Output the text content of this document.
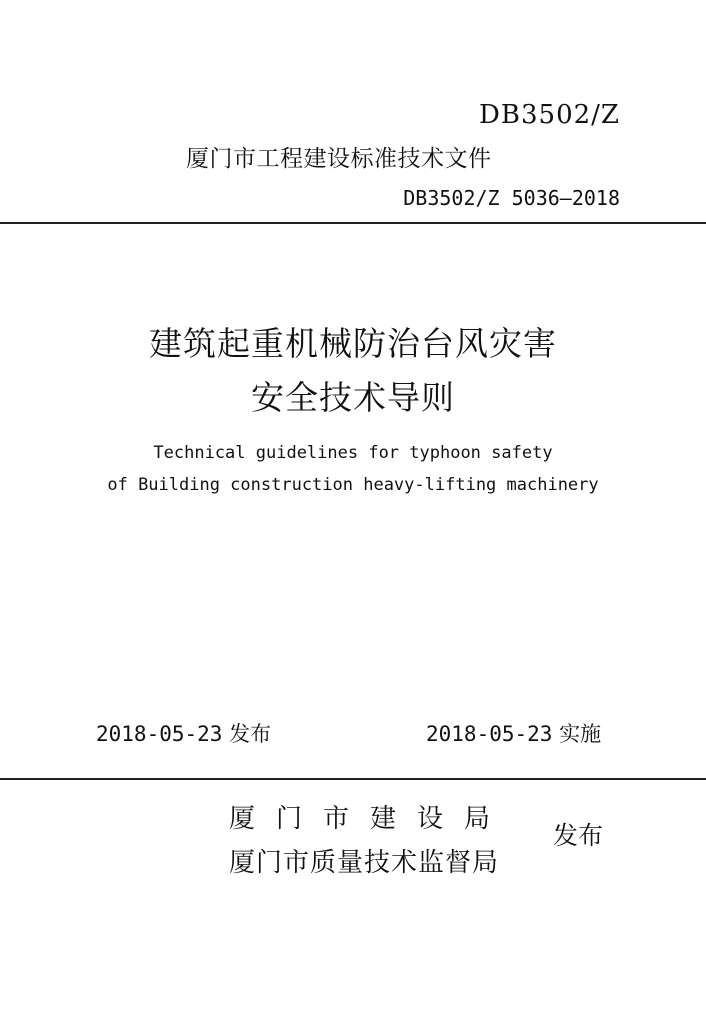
DB3502/Z
厦门市工程建设标准技术文件
DB3502/Z 5036—2018
建筑起重机械防治台风灾害
安全技术导则
Technical guidelines for typhoon safety
of Building construction heavy-lifting machinery
2018-05-23 发布	2018-05-23 实施
厦门市建设局
厦门市质量技术监督局
发布
